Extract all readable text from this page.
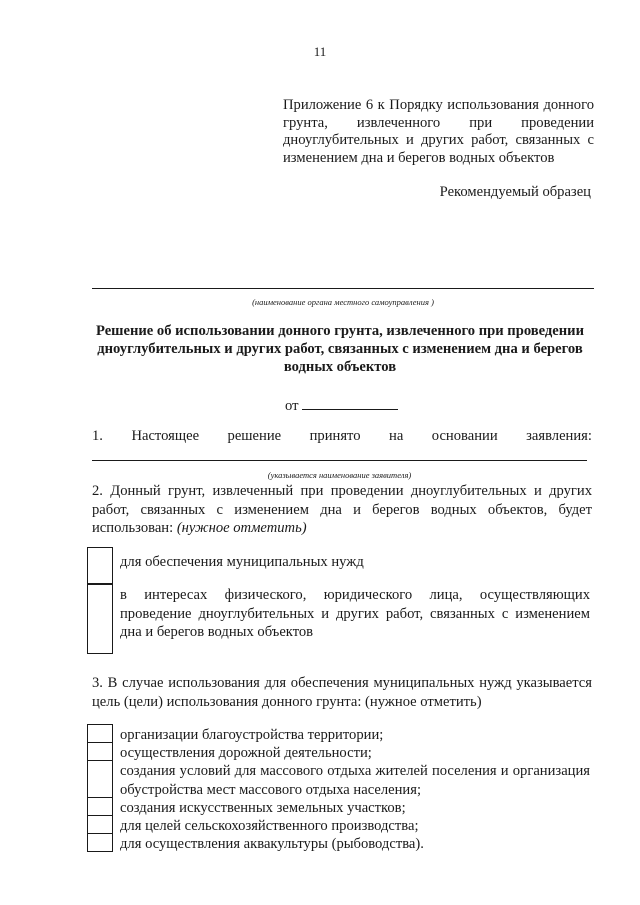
11
Приложение 6 к Порядку использования донного грунта, извлеченного при проведении дноуглубительных и других работ, связанных с изменением дна и берегов водных объектов
Рекомендуемый образец
(наименование органа местного самоуправления )
Решение об использовании донного грунта, извлеченного при проведении дноуглубительных и других работ, связанных с изменением дна и берегов водных объектов
от
1. Настоящее решение принято на основании заявления:
(указывается наименование заявителя)
2. Донный грунт, извлеченный при проведении дноуглубительных и других работ, связанных с изменением дна и берегов водных объектов, будет использован: (нужное отметить)
для обеспечения муниципальных нужд
в интересах физического, юридического лица, осуществляющих проведение дноуглубительных и других работ, связанных с изменением дна и берегов водных объектов
3. В случае использования для обеспечения муниципальных нужд указывается цель (цели) использования донного грунта: (нужное отметить)
организации благоустройства территории;
осуществления дорожной деятельности;
создания условий для массового отдыха жителей поселения и организация обустройства мест массового отдыха населения;
создания искусственных земельных участков;
для целей сельскохозяйственного производства;
для осуществления аквакультуры (рыбоводства).
